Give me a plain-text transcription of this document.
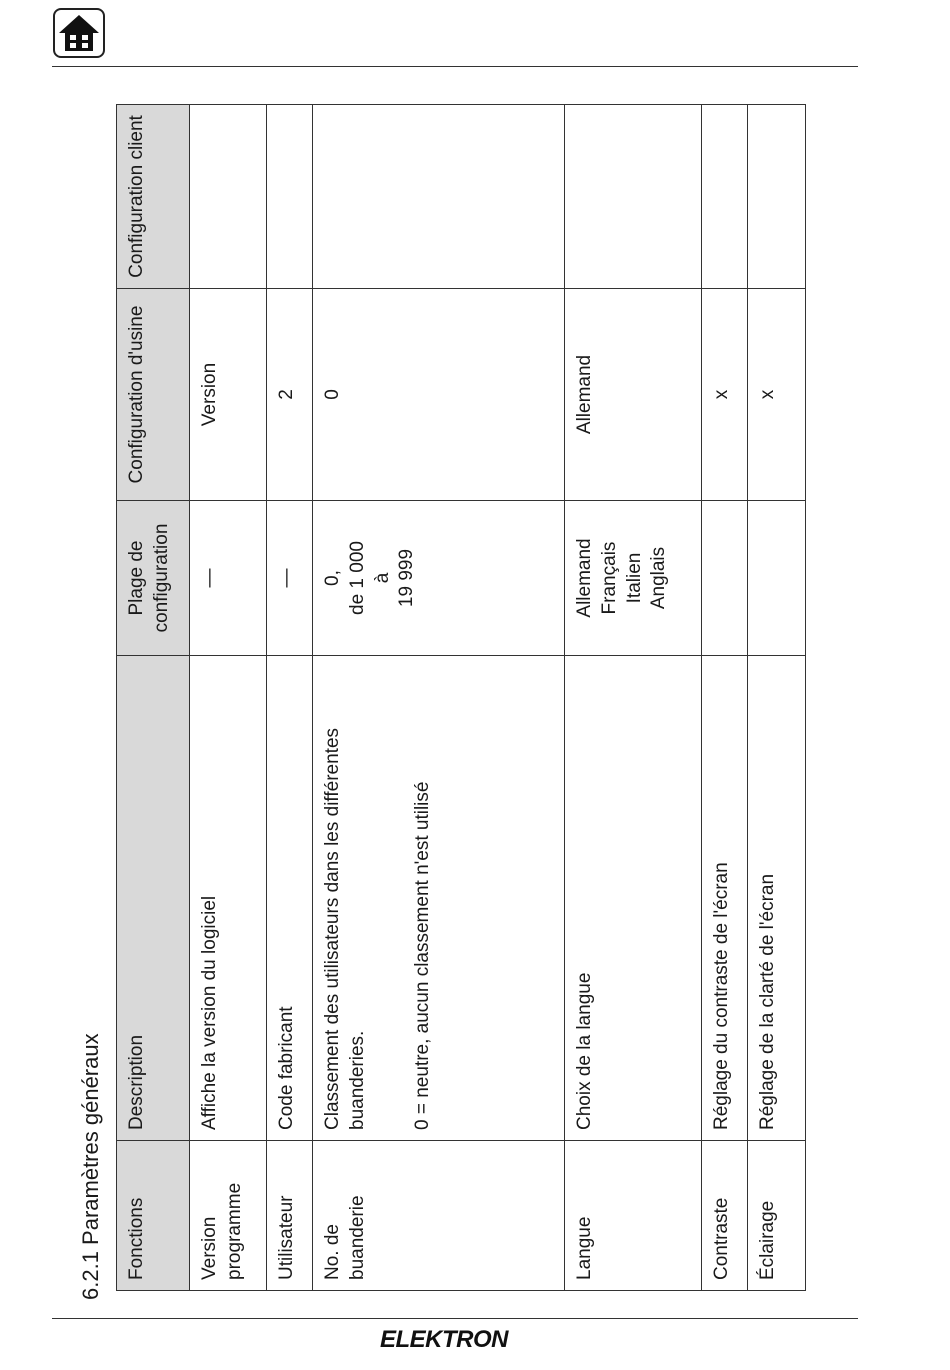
6.2.1 Paramètres généraux Fonctions	Description	Plage de configuration	Configuration d'usine	Configuration client
Version programme	Affiche la version du logiciel	—	Version	
Utilisateur	Code fabricant	—	2	
No. de buanderie	Classement des utilisateurs dans les différentes buanderies. 0 = neutre, aucun classement n'est utilisé	0, de 1 000 à 19 999	0	
Langue	Choix de la langue	Allemand Français Italien Anglais	Allemand	
Contraste	Réglage du contraste de l'écran		x	
Éclairage	Réglage de la clarté de l'écran		x	
ELEKTRON
